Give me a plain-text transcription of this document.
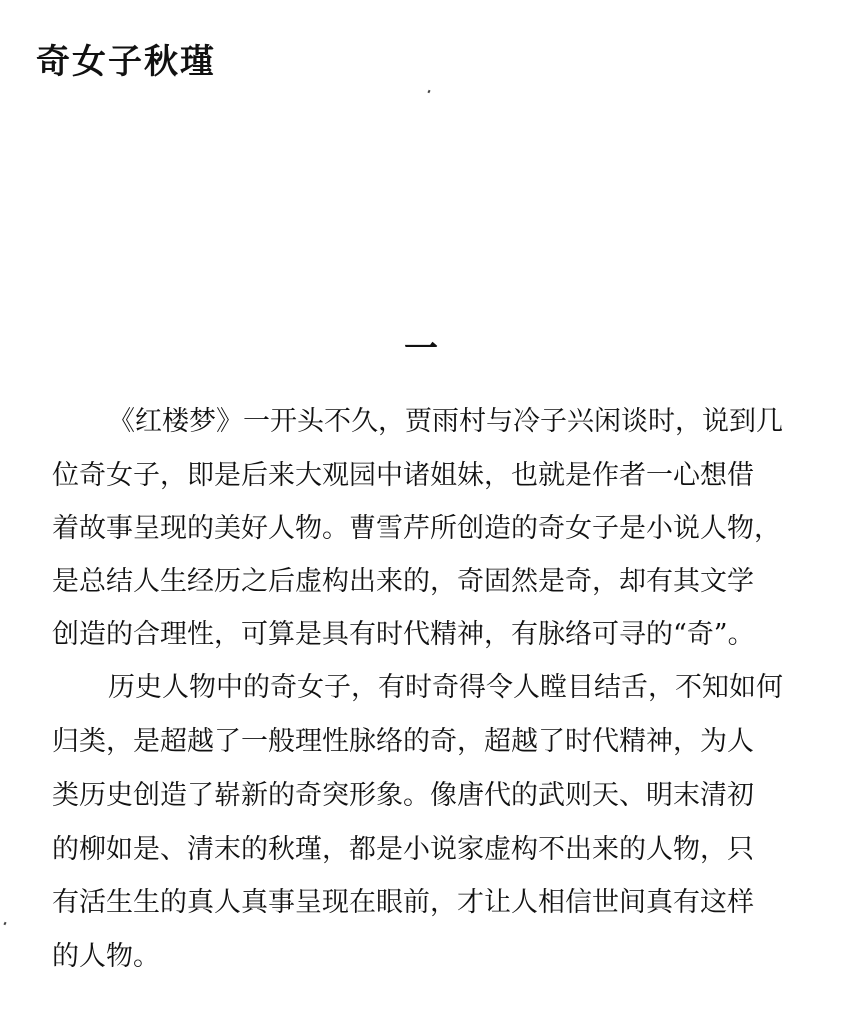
奇女子秋瑾
一
《红楼梦》一开头不久，贾雨村与冷子兴闲谈时，说到几
位奇女子，即是后来大观园中诸姐妹，也就是作者一心想借
着故事呈现的美好人物。曹雪芹所创造的奇女子是小说人物，
是总结人生经历之后虚构出来的，奇固然是奇，却有其文学
创造的合理性，可算是具有时代精神，有脉络可寻的“奇”。
历史人物中的奇女子，有时奇得令人瞠目结舌，不知如何
归类，是超越了一般理性脉络的奇，超越了时代精神，为人
类历史创造了崭新的奇突形象。像唐代的武则天、明末清初
的柳如是、清末的秋瑾，都是小说家虚构不出来的人物，只
有活生生的真人真事呈现在眼前，才让人相信世间真有这样
的人物。
